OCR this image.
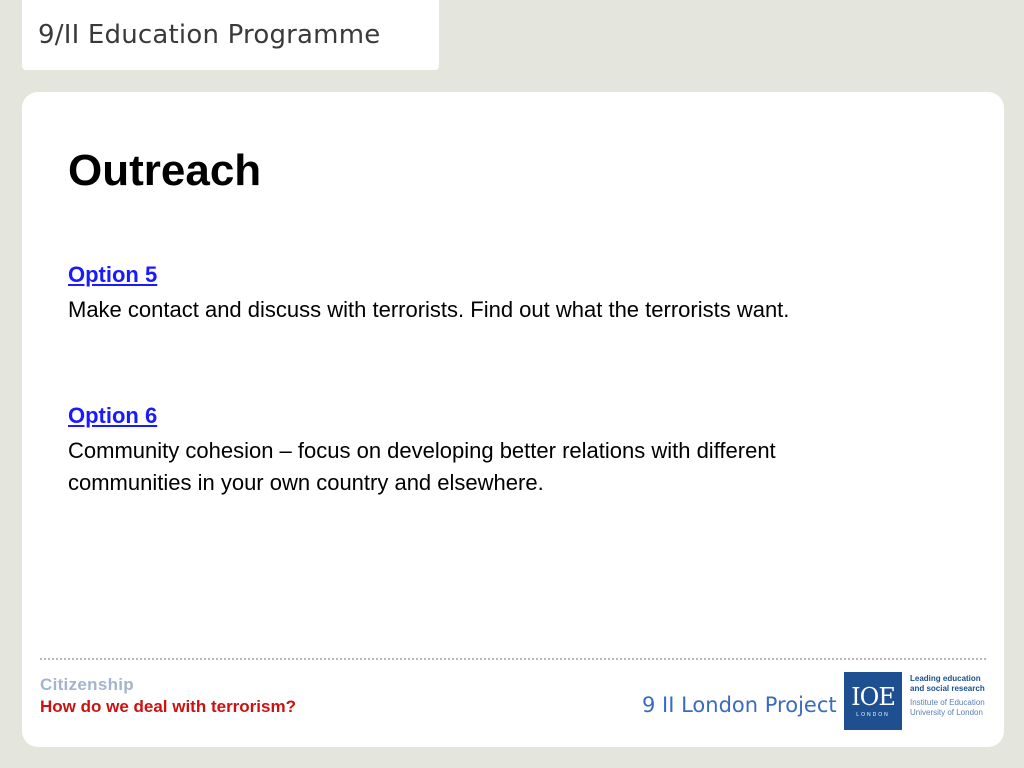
9/II Education Programme
Outreach
Option 5
Make contact and discuss with terrorists. Find out what the terrorists want.
Option 6
Community cohesion – focus on developing better relations with different communities in your own country and elsewhere.
Citizenship
How do we deal with terrorism?	9 II London Project IOE
LONDON
Leading education
and social research
Institute of Education
University of London
